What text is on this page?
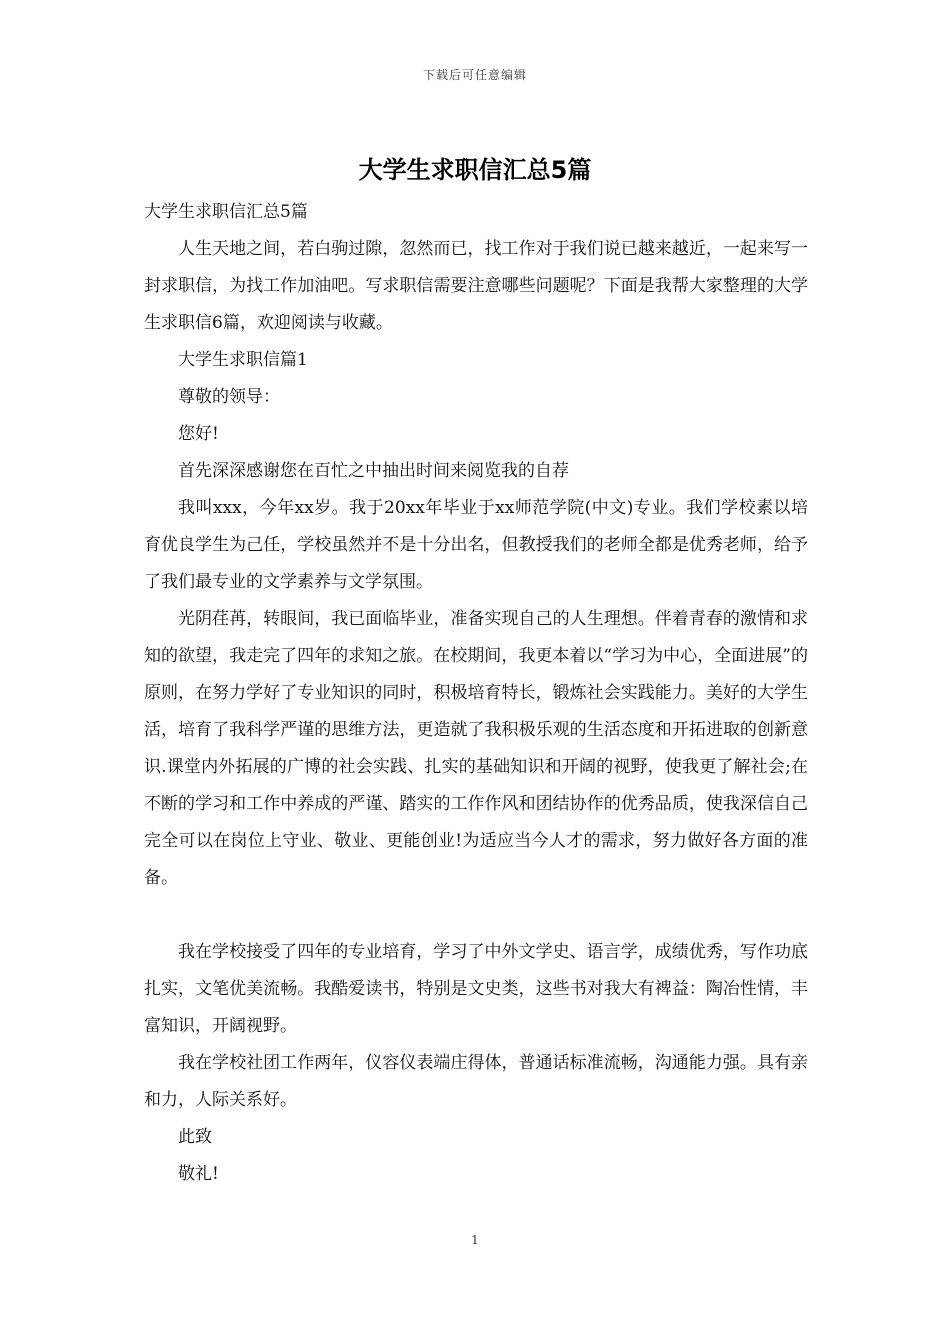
下载后可任意编辑
大学生求职信汇总5篇

大学生求职信汇总5篇

人生天地之间，若白驹过隙，忽然而已，找工作对于我们说已越来越近，一起来写一封求职信，为找工作加油吧。写求职信需要注意哪些问题呢？下面是我帮大家整理的大学生求职信6篇，欢迎阅读与收藏。

大学生求职信篇1

尊敬的领导：

您好!

首先深深感谢您在百忙之中抽出时间来阅览我的自荐

我叫xxx，今年xx岁。我于20xx年毕业于xx师范学院(中文)专业。我们学校素以培育优良学生为己任，学校虽然并不是十分出名，但教授我们的老师全都是优秀老师，给予了我们最专业的文学素养与文学氛围。

光阴荏苒，转眼间，我已面临毕业，准备实现自己的人生理想。伴着青春的激情和求知的欲望，我走完了四年的求知之旅。在校期间，我更本着以“学习为中心，全面进展”的原则，在努力学好了专业知识的同时，积极培育特长，锻炼社会实践能力。美好的大学生活，培育了我科学严谨的思维方法，更造就了我积极乐观的生活态度和开拓进取的创新意识.课堂内外拓展的广博的社会实践、扎实的基础知识和开阔的视野，使我更了解社会;在不断的学习和工作中养成的严谨、踏实的工作作风和团结协作的优秀品质，使我深信自己完全可以在岗位上守业、敬业、更能创业!为适应当今人才的需求，努力做好各方面的准备。

我在学校接受了四年的专业培育，学习了中外文学史、语言学，成绩优秀，写作功底扎实，文笔优美流畅。我酷爱读书，特别是文史类，这些书对我大有裨益：陶冶性情，丰富知识，开阔视野。

我在学校社团工作两年，仪容仪表端庄得体，普通话标准流畅，沟通能力强。具有亲和力，人际关系好。

此致

敬礼!

1
